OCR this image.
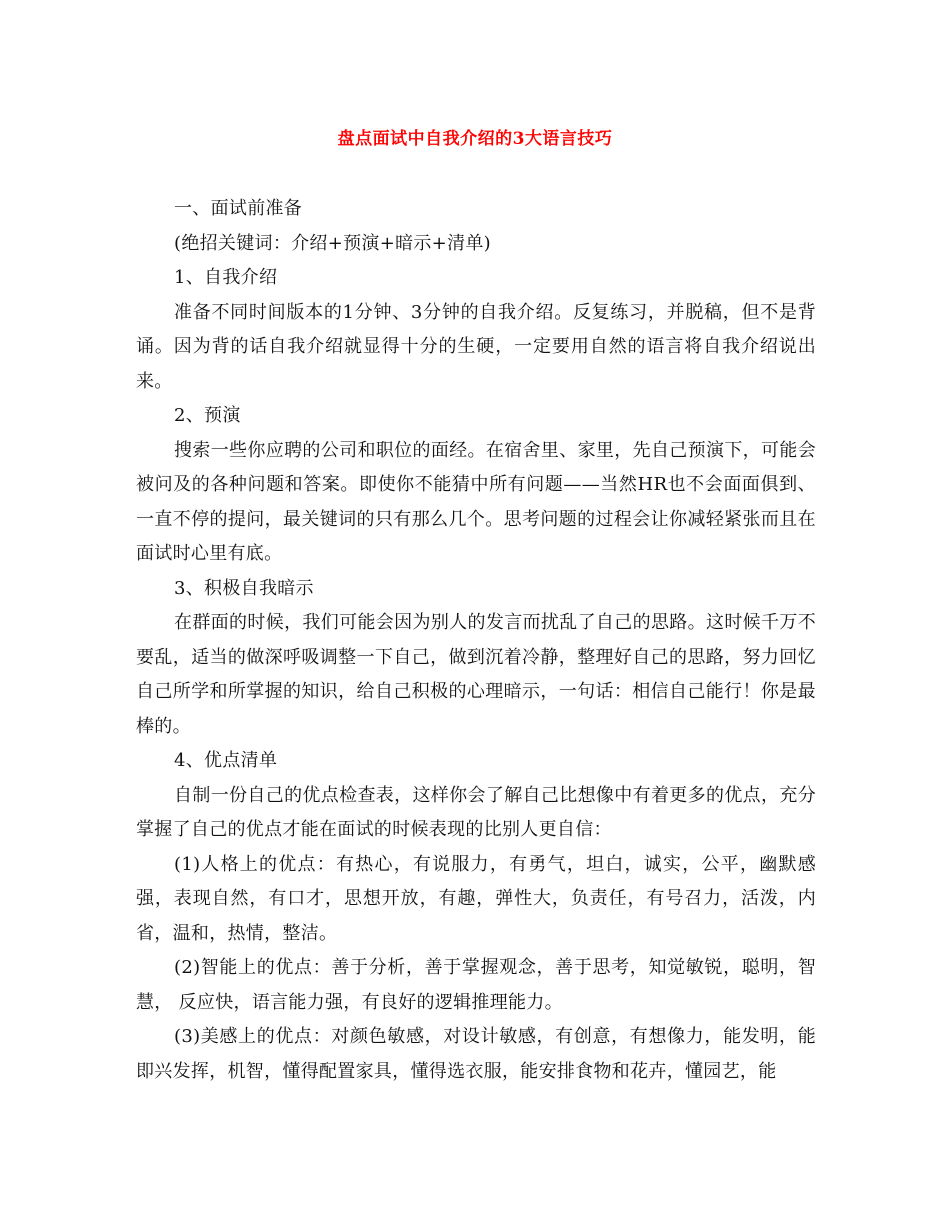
盘点面试中自我介绍的3大语言技巧

一、面试前准备

(绝招关键词：介绍+预演+暗示+清单)

1、自我介绍

准备不同时间版本的1分钟、3分钟的自我介绍。反复练习，并脱稿，但不是背诵。因为背的话自我介绍就显得十分的生硬，一定要用自然的语言将自我介绍说出来。

2、预演

搜索一些你应聘的公司和职位的面经。在宿舍里、家里，先自己预演下，可能会被问及的各种问题和答案。即使你不能猜中所有问题——当然HR也不会面面俱到、一直不停的提问，最关键词的只有那么几个。思考问题的过程会让你减轻紧张而且在面试时心里有底。

3、积极自我暗示

在群面的时候，我们可能会因为别人的发言而扰乱了自己的思路。这时候千万不要乱，适当的做深呼吸调整一下自己，做到沉着冷静，整理好自己的思路，努力回忆自己所学和所掌握的知识，给自己积极的心理暗示，一句话：相信自己能行！你是最棒的。

4、优点清单

自制一份自己的优点检查表，这样你会了解自己比想像中有着更多的优点，充分掌握了自己的优点才能在面试的时候表现的比别人更自信：

(1)人格上的优点：有热心，有说服力，有勇气，坦白，诚实，公平，幽默感强，表现自然，有口才，思想开放，有趣，弹性大，负责任，有号召力，活泼，内省，温和，热情，整洁。

(2)智能上的优点：善于分析，善于掌握观念，善于思考，知觉敏锐，聪明，智慧， 反应快，语言能力强，有良好的逻辑推理能力。

(3)美感上的优点：对颜色敏感，对设计敏感，有创意，有想像力，能发明，能即兴发挥，机智，懂得配置家具，懂得选衣服，能安排食物和花卉，懂园艺，能
